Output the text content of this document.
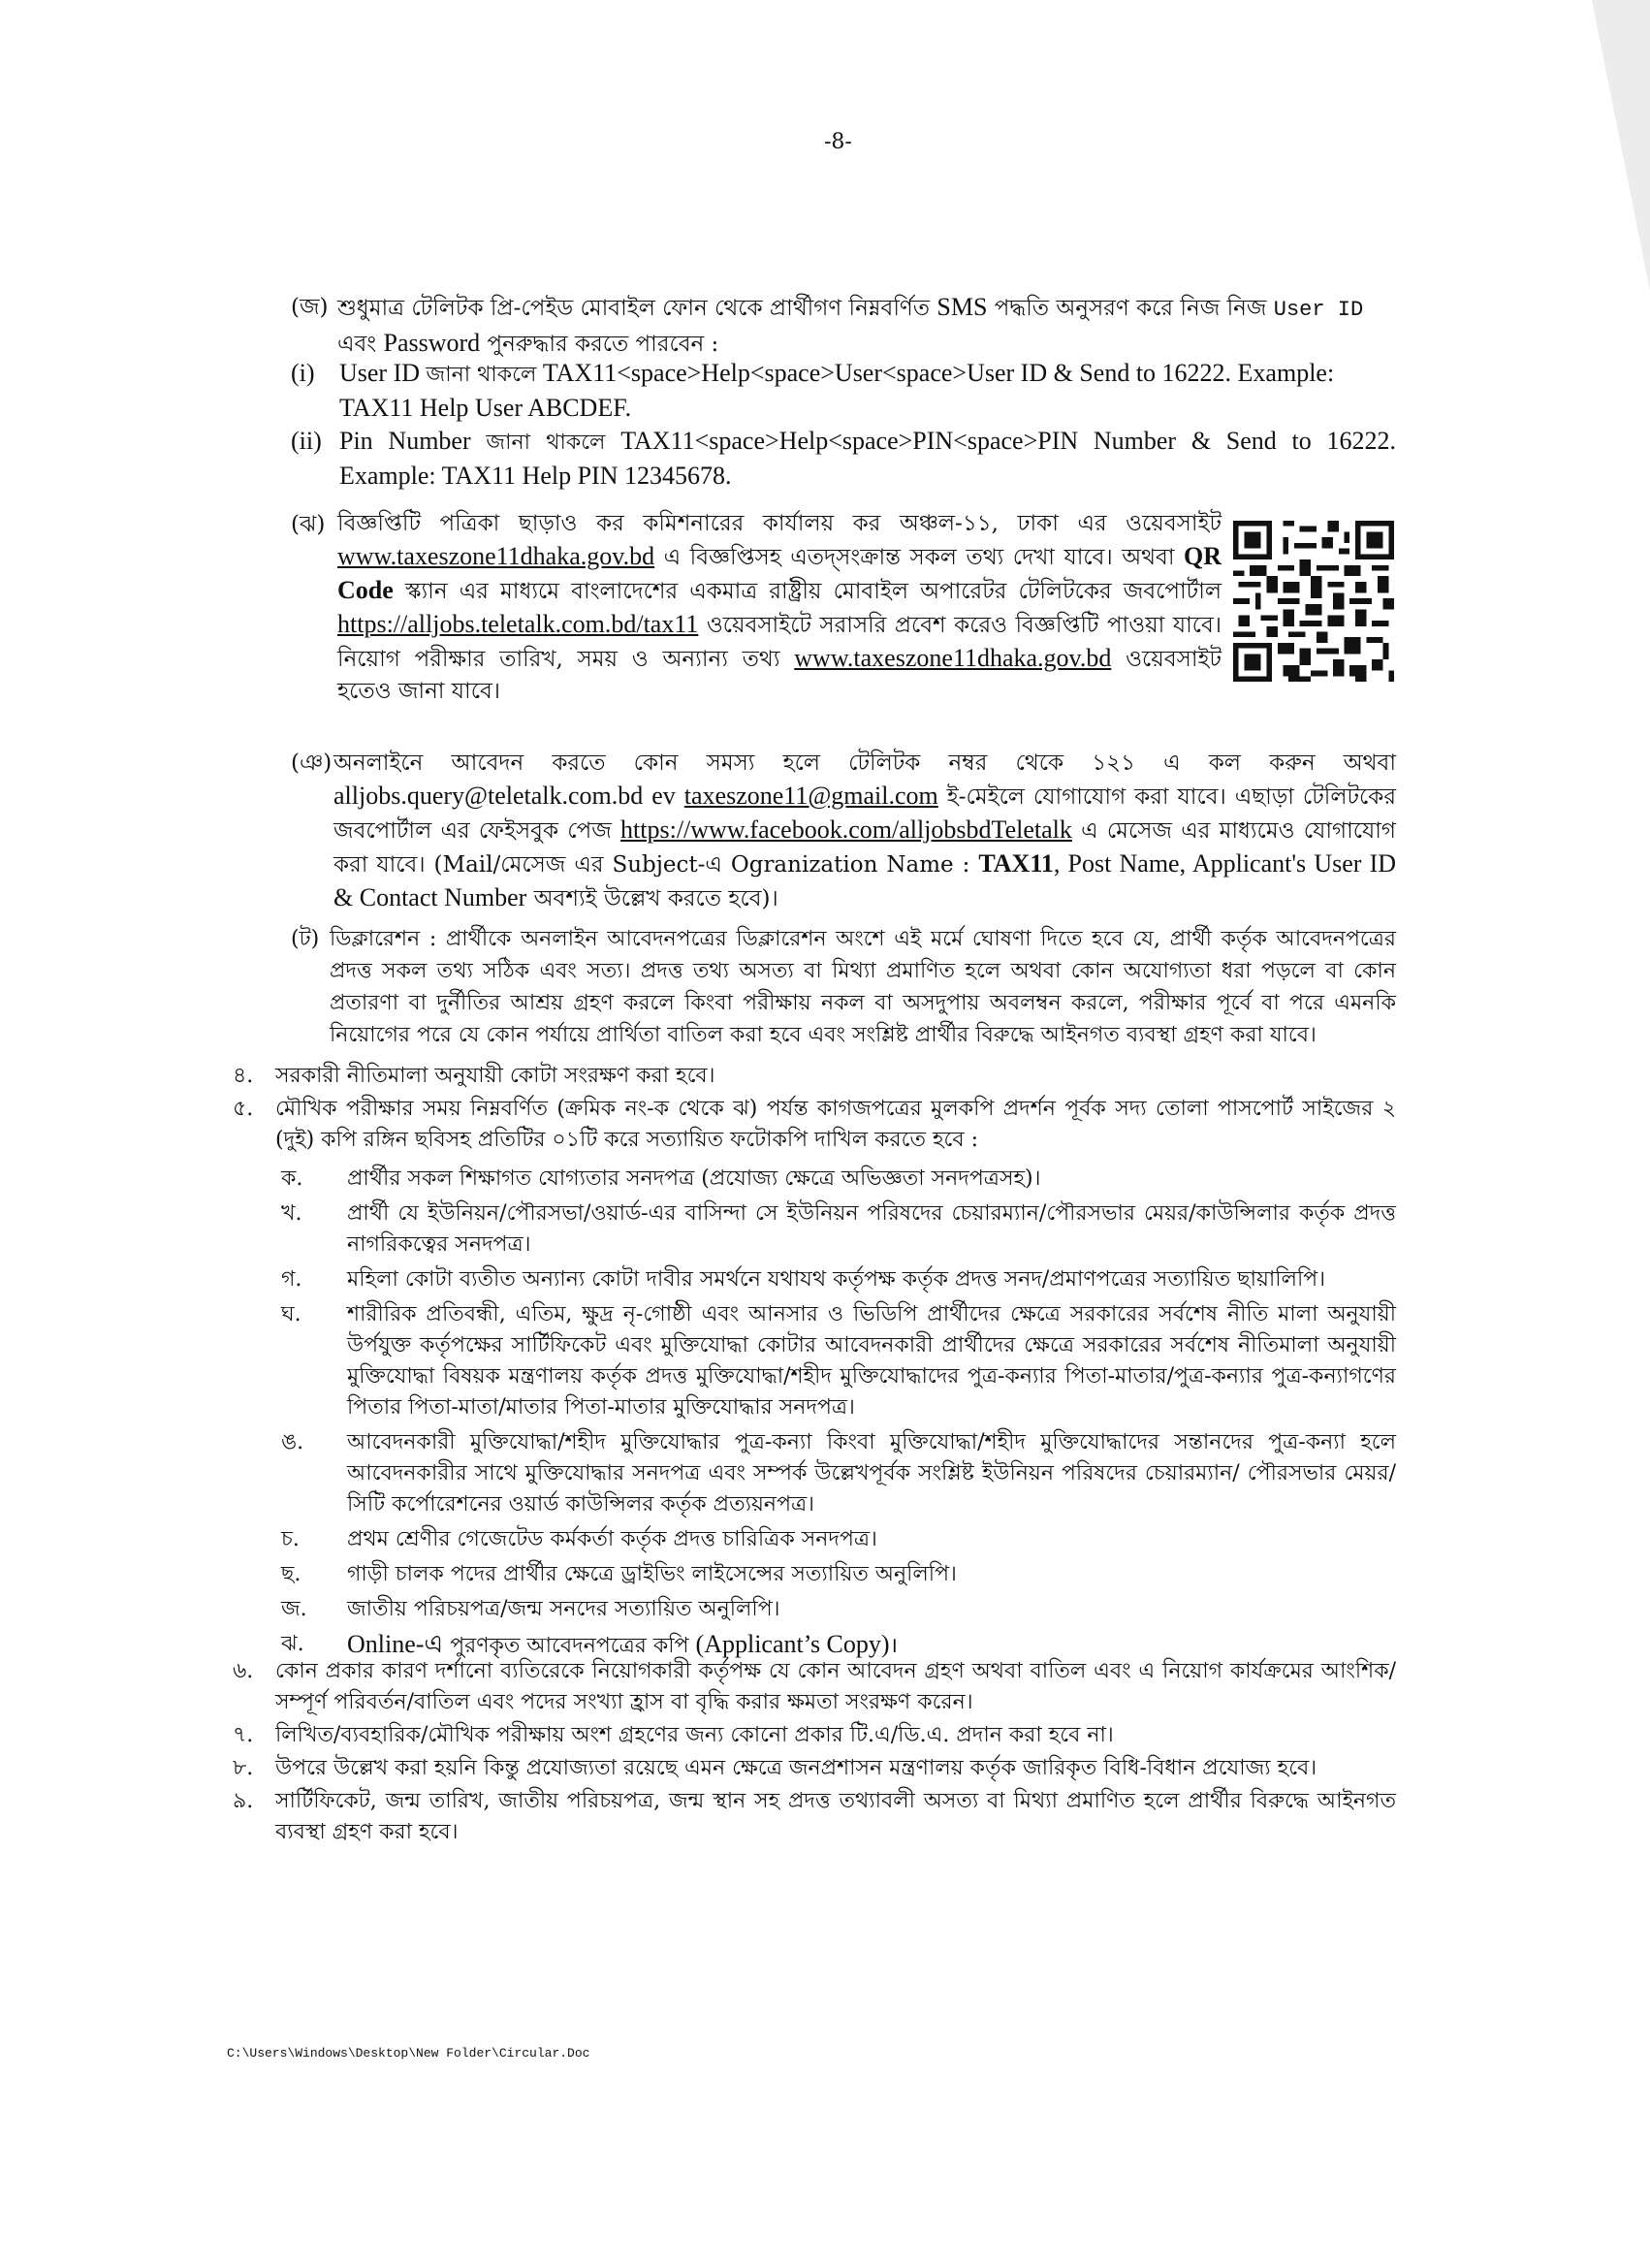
-8-
(জ) শুধুমাত্র টেলিটক প্রি-পেইড মোবাইল ফোন থেকে প্রার্থীগণ নিম্নবর্ণিত SMS পদ্ধতি অনুসরণ করে নিজ নিজ User ID

এবং Password পুনরুদ্ধার করতে পারবেন :

(i) User ID জানা থাকলে TAX11<space>Help<space>User<space>User ID & Send to 16222. Example: TAX11 Help User ABCDEF.
(ii) Pin Number জানা থাকলে TAX11<space>Help<space>PIN<space>PIN Number & Send to 16222. Example: TAX11 Help PIN 12345678.
(ঝ) বিজ্ঞপ্তিটি পত্রিকা ছাড়াও কর কমিশনারের কার্যালয় কর অঞ্চল-১১, ঢাকা এর ওয়েবসাইট www.taxeszone11dhaka.gov.bd এ বিজ্ঞপ্তিসহ এতদ্‌সংক্রান্ত সকল তথ্য দেখা যাবে। অথবা QR Code স্ক্যান এর মাধ্যমে বাংলাদেশের একমাত্র রাষ্ট্রীয় মোবাইল অপারেটর টেলিটকের জবপোর্টাল https://alljobs.teletalk.com.bd/tax11 ওয়েবসাইটে সরাসরি প্রবেশ করেও বিজ্ঞপ্তিটি পাওয়া যাবে। নিয়োগ পরীক্ষার তারিখ, সময় ও অন্যান্য তথ্য www.taxeszone11dhaka.gov.bd ওয়েবসাইট হতেও জানা যাবে।
(ঞ) অনলাইনে আবেদন করতে কোন সমস্য হলে টেলিটক নম্বর থেকে ১২১ এ কল করুন অথবা alljobs.query@teletalk.com.bd ev taxeszone11@gmail.com ই-মেইলে যোগাযোগ করা যাবে। এছাড়া টেলিটকের জবপোর্টাল এর ফেইসবুক পেজ https://www.facebook.com/alljobsbdTeletalk এ মেসেজ এর মাধ্যমেও যোগাযোগ করা যাবে। (Mail/মেসেজ এর Subject-এ Ogranization Name : TAX11, Post Name, Applicant's User ID & Contact Number অবশ্যই উল্লেখ করতে হবে)।
(ট) ডিক্লারেশন : প্রার্থীকে অনলাইন আবেদনপত্রের ডিক্লারেশন অংশে এই মর্মে ঘোষণা দিতে হবে যে, প্রার্থী কর্তৃক আবেদনপত্রের প্রদত্ত সকল তথ্য সঠিক এবং সত্য। প্রদত্ত তথ্য অসত্য বা মিথ্যা প্রমাণিত হলে অথবা কোন অযোগ্যতা ধরা পড়লে বা কোন প্রতারণা বা দুর্নীতির আশ্রয় গ্রহণ করলে কিংবা পরীক্ষায় নকল বা অসদুপায় অবলম্বন করলে, পরীক্ষার পূর্বে বা পরে এমনকি নিয়োগের পরে যে কোন পর্যায়ে প্রার্থিতা বাতিল করা হবে এবং সংশ্লিষ্ট প্রার্থীর বিরুদ্ধে আইনগত ব্যবস্থা গ্রহণ করা যাবে।
৪.	সরকারী নীতিমালা অনুযায়ী কোটা সংরক্ষণ করা হবে।
৫.	মৌখিক পরীক্ষার সময় নিম্নবর্ণিত (ক্রমিক নং-ক থেকে ঝ) পর্যন্ত কাগজপত্রের মুলকপি প্রদর্শন পূর্বক সদ্য তোলা পাসপোর্ট সাইজের ২ (দুই) কপি রঙ্গিন ছবিসহ প্রতিটির ০১টি করে সত্যায়িত ফটোকপি দাখিল করতে হবে :
ক.	প্রার্থীর সকল শিক্ষাগত যোগ্যতার সনদপত্র (প্রযোজ্য ক্ষেত্রে অভিজ্ঞতা সনদপত্রসহ)।
খ.	প্রার্থী যে ইউনিয়ন/পৌরসভা/ওয়ার্ড-এর বাসিন্দা সে ইউনিয়ন পরিষদের চেয়ারম্যান/পৌরসভার মেয়র/কাউন্সিলার কর্তৃক প্রদত্ত নাগরিকত্বের সনদপত্র।
গ.	মহিলা কোটা ব্যতীত অন্যান্য কোটা দাবীর সমর্থনে যথাযথ কর্তৃপক্ষ কর্তৃক প্রদত্ত সনদ/প্রমাণপত্রের সত্যায়িত ছায়ালিপি।
ঘ.	শারীরিক প্রতিবন্ধী, এতিম, ক্ষুদ্র নৃ-গোষ্ঠী এবং আনসার ও ভিডিপি প্রার্থীদের ক্ষেত্রে সরকারের সর্বশেষ নীতি মালা অনুযায়ী উর্পযুক্ত কর্তৃপক্ষের সার্টিফিকেট এবং মুক্তিযোদ্ধা কোটার আবেদনকারী প্রার্থীদের ক্ষেত্রে সরকারের সর্বশেষ নীতিমালা অনুযায়ী মুক্তিযোদ্ধা বিষয়ক মন্ত্রণালয় কর্তৃক প্রদত্ত মুক্তিযোদ্ধা/শহীদ মুক্তিযোদ্ধাদের পুত্র-কন্যার পিতা-মাতার/পুত্র-কন্যার পুত্র-কন্যাগণের পিতার পিতা-মাতা/মাতার পিতা-মাতার মুক্তিযোদ্ধার সনদপত্র।
ঙ.	আবেদনকারী মুক্তিযোদ্ধা/শহীদ মুক্তিযোদ্ধার পুত্র-কন্যা কিংবা মুক্তিযোদ্ধা/শহীদ মুক্তিযোদ্ধাদের সন্তানদের পুত্র-কন্যা হলে আবেদনকারীর সাথে মুক্তিযোদ্ধার সনদপত্র এবং সম্পর্ক উল্লেখপূর্বক সংশ্লিষ্ট ইউনিয়ন পরিষদের চেয়ারম্যান/ পৌরসভার মেয়র/সিটি কর্পোরেশনের ওয়ার্ড কাউন্সিলর কর্তৃক প্রত্যয়নপত্র।
চ.	প্রথম শ্রেণীর গেজেটেড কর্মকর্তা কর্তৃক প্রদত্ত চারিত্রিক সনদপত্র।
ছ.	গাড়ী চালক পদের প্রার্থীর ক্ষেত্রে ড্রাইভিং লাইসেন্সের সত্যায়িত অনুলিপি।
জ.	জাতীয় পরিচয়পত্র/জন্ম সনদের সত্যায়িত অনুলিপি।
ঝ.	Online-এ পুরণকৃত আবেদনপত্রের কপি (Applicant’s Copy)।
৬.	কোন প্রকার কারণ দর্শানো ব্যতিরেকে নিয়োগকারী কর্তৃপক্ষ যে কোন আবেদন গ্রহণ অথবা বাতিল এবং এ নিয়োগ কার্যক্রমের আংশিক/সম্পূর্ণ পরিবর্তন/বাতিল এবং পদের সংখ্যা হ্রাস বা বৃদ্ধি করার ক্ষমতা সংরক্ষণ করেন।
৭.	লিখিত/ব্যবহারিক/মৌখিক পরীক্ষায় অংশ গ্রহণের জন্য কোনো প্রকার টি.এ/ডি.এ. প্রদান করা হবে না।
৮.	উপরে উল্লেখ করা হয়নি কিন্তু প্রযোজ্যতা রয়েছে এমন ক্ষেত্রে জনপ্রশাসন মন্ত্রণালয় কর্তৃক জারিকৃত বিধি-বিধান প্রযোজ্য হবে।
৯.	সার্টিফিকেট, জন্ম তারিখ, জাতীয় পরিচয়পত্র, জন্ম স্থান সহ প্রদত্ত তথ্যাবলী অসত্য বা মিথ্যা প্রমাণিত হলে প্রার্থীর বিরুদ্ধে আইনগত ব্যবস্থা গ্রহণ করা হবে।
C:\Users\Windows\Desktop\New Folder\Circular.Doc
